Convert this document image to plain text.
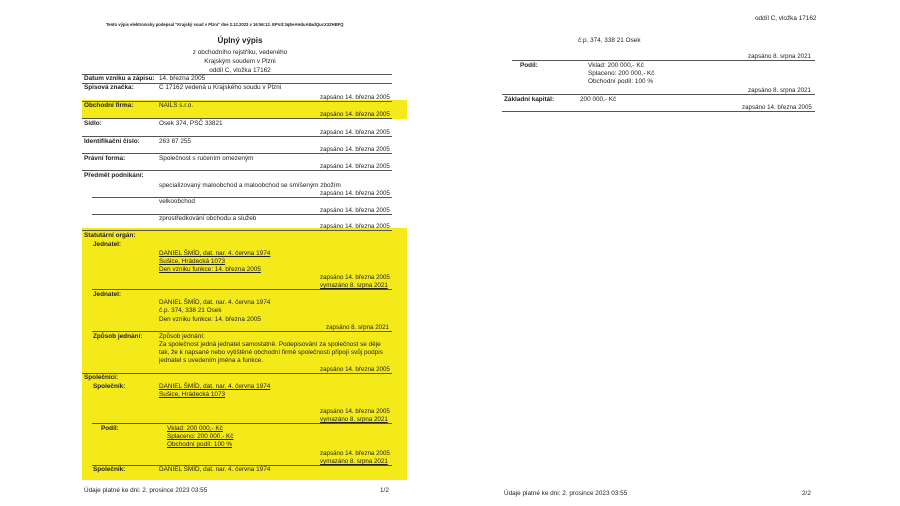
Tento výpis elektronicky podepsal "Krajský soud v Plzni" dne 2.12.2023 v 16:56:12. EPVd:3qEeAHduA8adQucX3ZHBFQ
Úplný výpis
z obchodního rejstříku, vedeného
Krajským soudem v Plzni
oddíl C, vložka 17162
Datum vzniku a zápisu: 14. března 2005
Spisová značka:	C 17162 vedená u Krajského soudu v Plzni
zapsáno 14. března 2005
Obchodní firma:	NAILS s.r.o.
zapsáno 14. března 2005
Sídlo:	Osek 374, PSČ 33821
zapsáno 14. března 2005
Identifikační číslo:	263 87 255
zapsáno 14. března 2005
Právní forma:	Společnost s ručením omezeným
zapsáno 14. března 2005
Předmět podnikání:
specializovaný maloobchod a maloobchod se smíšeným zbožím
zapsáno 14. března 2005
velkoobchod
zapsáno 14. března 2005
zprostředkování obchodu a služeb
zapsáno 14. března 2005
Statutární orgán:
Jednatel:
DANIEL ŠMÍD, dat. nar. 4. června 1974
Sušice, Hrádecká 1073
Den vzniku funkce: 14. března 2005
zapsáno 14. března 2005
vymazáno 8. srpna 2021
Jednatel:
DANIEL ŠMÍD, dat. nar. 4. června 1974
č.p. 374, 338 21 Osek
Den vzniku funkce: 14. března 2005
zapsáno 8. srpna 2021
Způsob jednání:	Způsob jednání:
Za společnost jedná jednatel samostatně. Podepisování za společnost se děje
tak, že k napsané nebo vytištěné obchodní firmě společnosti připojí svůj podpis
jednatel s uvedením jména a funkce.
zapsáno 14. března 2005
Společníci:
Společník:	DANIEL ŠMÍD, dat. nar. 4. června 1974
Sušice, Hrádecká 1073
zapsáno 14. března 2005
vymazáno 8. srpna 2021
Podíl:	Vklad: 200 000,- Kč
Splaceno: 200 000,- Kč
Obchodní podíl: 100 %
zapsáno 14. března 2005
vymazáno 8. srpna 2021
Společník:	DANIEL ŠMÍD, dat. nar. 4. června 1974
Údaje platné ke dni: 2. prosince 2023 03:55	1/2
oddíl C, vložka 17162
č.p. 374, 338 21 Osek
zapsáno 8. srpna 2021
Podíl:	Vklad: 200 000,- Kč
Splaceno: 200 000,- Kč
Obchodní podíl: 100 %
zapsáno 8. srpna 2021
Základní kapitál:	200 000,- Kč
zapsáno 14. března 2005
Údaje platné ke dni: 2. prosince 2023 03:55	2/2
